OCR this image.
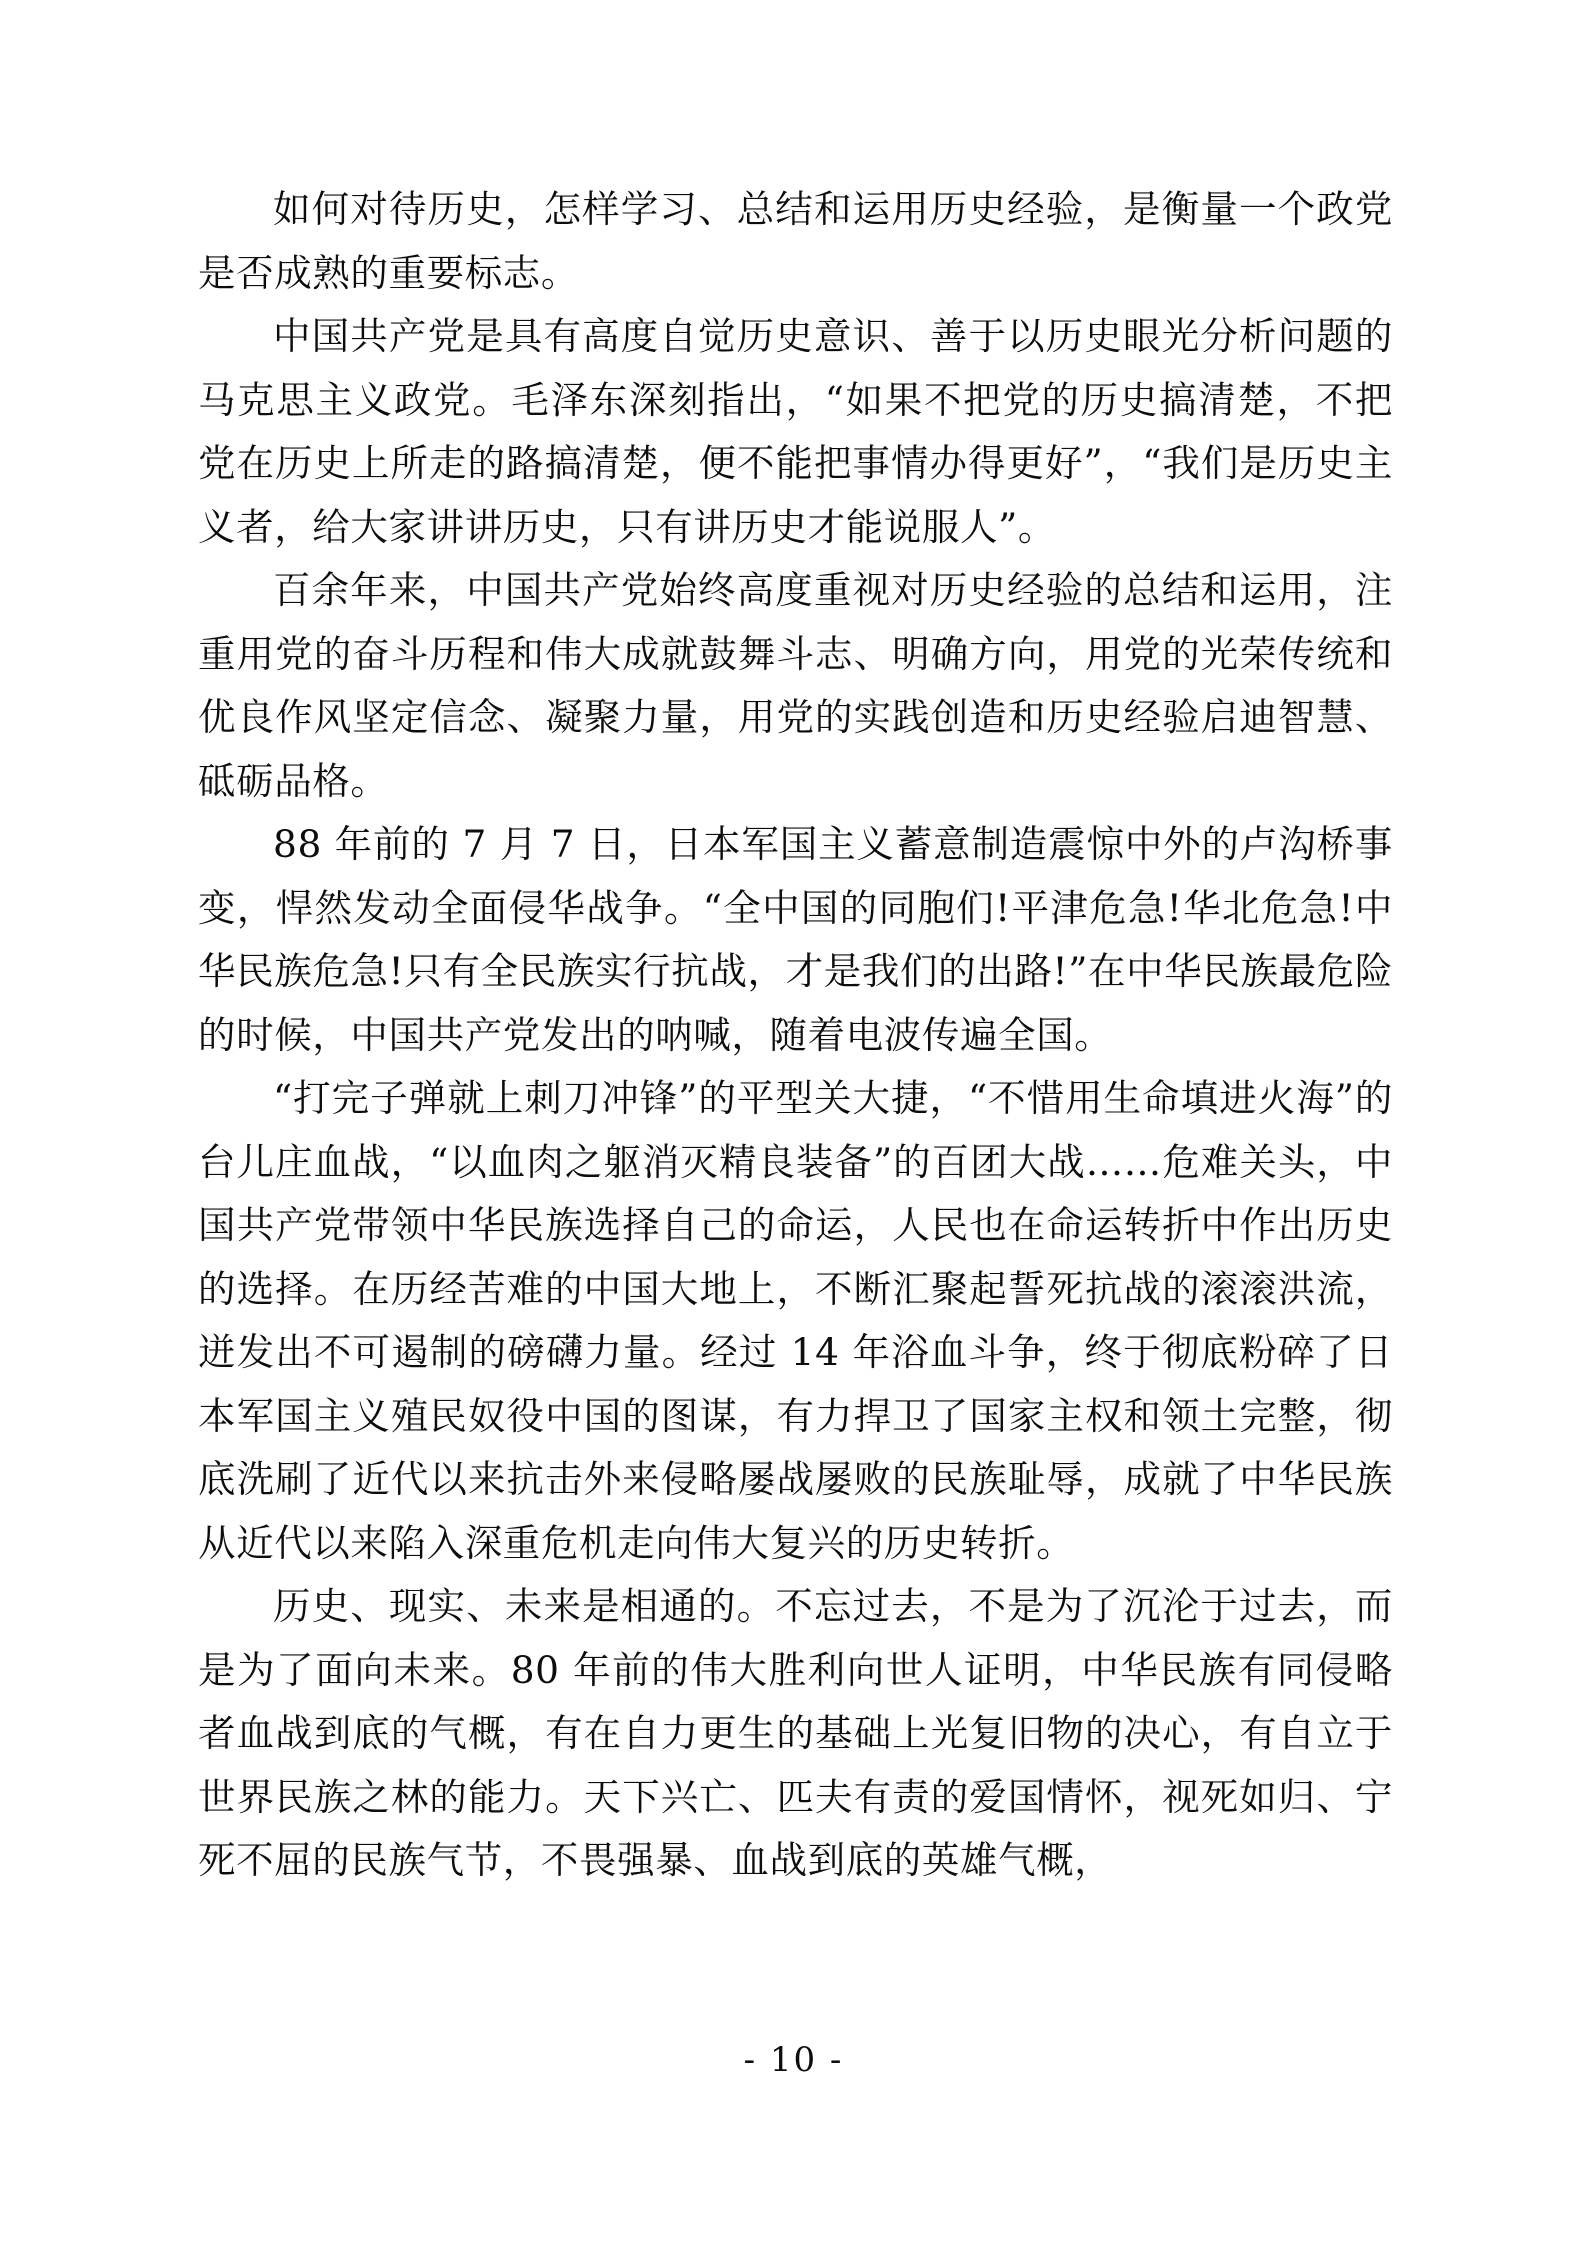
如何对待历史，怎样学习、总结和运用历史经验，是衡量一个政党是否成熟的重要标志。

中国共产党是具有高度自觉历史意识、善于以历史眼光分析问题的马克思主义政党。毛泽东深刻指出，“如果不把党的历史搞清楚，不把党在历史上所走的路搞清楚，便不能把事情办得更好”，“我们是历史主义者，给大家讲讲历史，只有讲历史才能说服人”。

百余年来，中国共产党始终高度重视对历史经验的总结和运用，注重用党的奋斗历程和伟大成就鼓舞斗志、明确方向，用党的光荣传统和优良作风坚定信念、凝聚力量，用党的实践创造和历史经验启迪智慧、砥砺品格。

88 年前的 7 月 7 日，日本军国主义蓄意制造震惊中外的卢沟桥事变，悍然发动全面侵华战争。“全中国的同胞们!平津危急!华北危急!中华民族危急!只有全民族实行抗战，才是我们的出路!”在中华民族最危险的时候，中国共产党发出的呐喊，随着电波传遍全国。

“打完子弹就上刺刀冲锋”的平型关大捷，“不惜用生命填进火海”的台儿庄血战，“以血肉之躯消灭精良装备”的百团大战……危难关头，中国共产党带领中华民族选择自己的命运，人民也在命运转折中作出历史的选择。在历经苦难的中国大地上，不断汇聚起誓死抗战的滚滚洪流，迸发出不可遏制的磅礴力量。经过 14 年浴血斗争，终于彻底粉碎了日本军国主义殖民奴役中国的图谋，有力捍卫了国家主权和领土完整，彻底洗刷了近代以来抗击外来侵略屡战屡败的民族耻辱，成就了中华民族从近代以来陷入深重危机走向伟大复兴的历史转折。

历史、现实、未来是相通的。不忘过去，不是为了沉沦于过去，而是为了面向未来。80 年前的伟大胜利向世人证明，中华民族有同侵略者血战到底的气概，有在自力更生的基础上光复旧物的决心，有自立于世界民族之林的能力。天下兴亡、匹夫有责的爱国情怀，视死如归、宁死不屈的民族气节，不畏强暴、血战到底的英雄气概，

- 10 -
